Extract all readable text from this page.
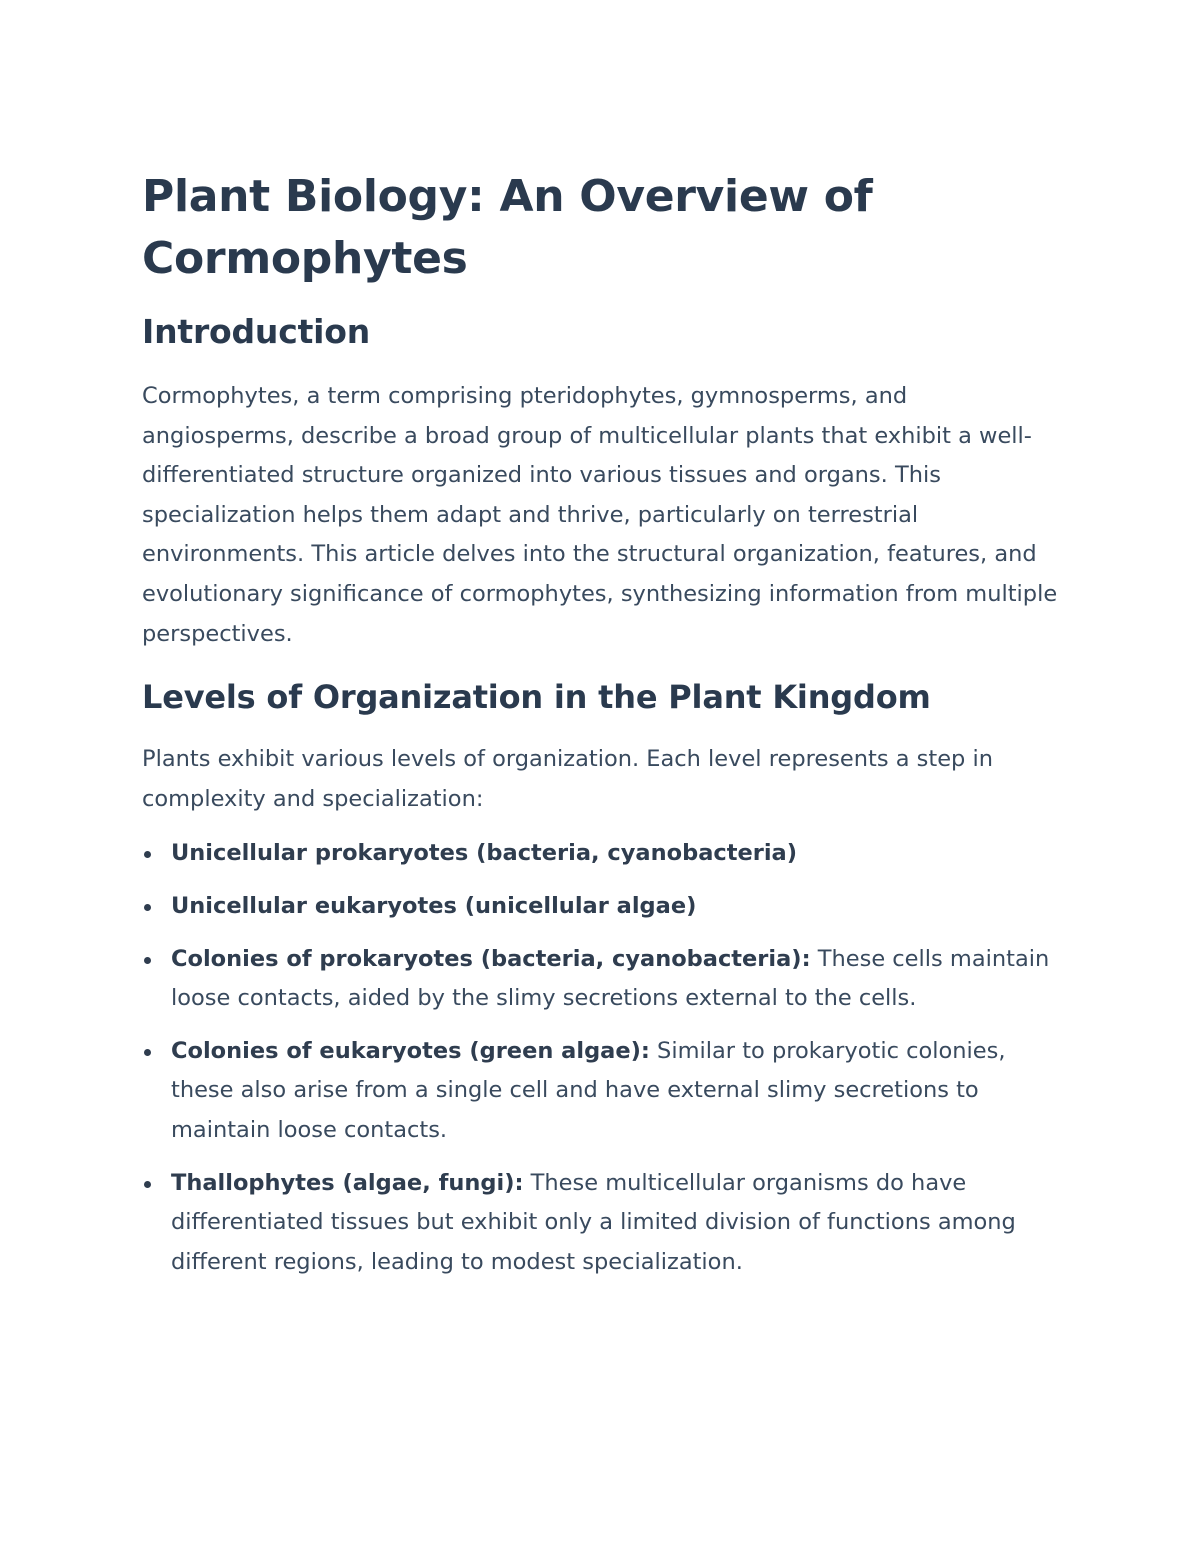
Plant Biology: An Overview of Cormophytes
Introduction

Cormophytes, a term comprising pteridophytes, gymnosperms, and angiosperms, describe a broad group of multicellular plants that exhibit a well-differentiated structure organized into various tissues and organs. This specialization helps them adapt and thrive, particularly on terrestrial environments. This article delves into the structural organization, features, and evolutionary significance of cormophytes, synthesizing information from multiple perspectives.

Levels of Organization in the Plant Kingdom

Plants exhibit various levels of organization. Each level represents a step in complexity and specialization:

Unicellular prokaryotes (bacteria, cyanobacteria)
Unicellular eukaryotes (unicellular algae)
Colonies of prokaryotes (bacteria, cyanobacteria): These cells maintain loose contacts, aided by the slimy secretions external to the cells.
Colonies of eukaryotes (green algae): Similar to prokaryotic colonies, these also arise from a single cell and have external slimy secretions to maintain loose contacts.
Thallophytes (algae, fungi): These multicellular organisms do have differentiated tissues but exhibit only a limited division of functions among different regions, leading to modest specialization.
